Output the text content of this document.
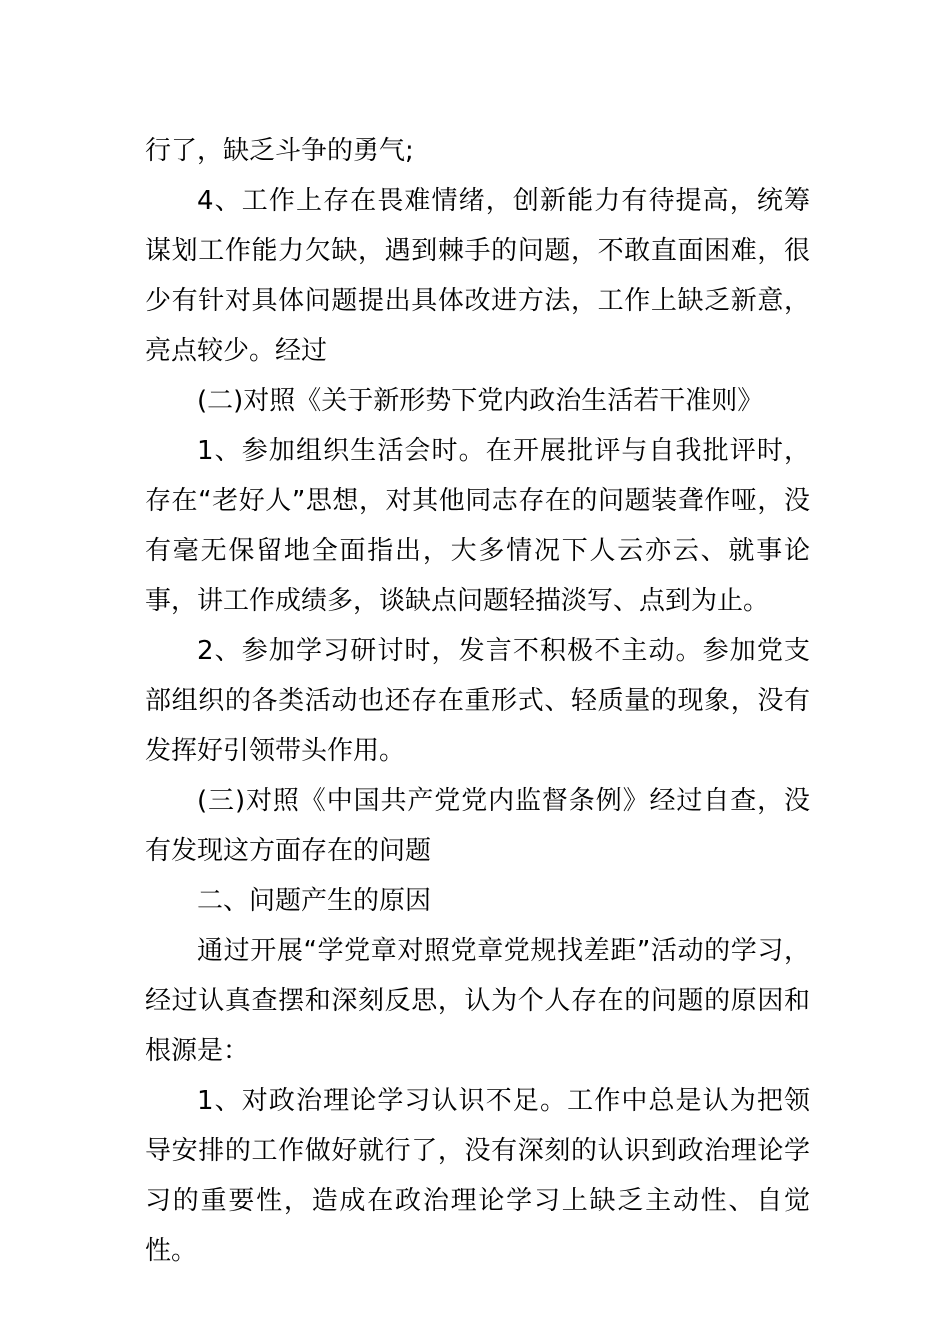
行了，缺乏斗争的勇气;

4、工作上存在畏难情绪，创新能力有待提高，统筹谋划工作能力欠缺，遇到棘手的问题，不敢直面困难，很少有针对具体问题提出具体改进方法，工作上缺乏新意，亮点较少。经过

(二)对照《关于新形势下党内政治生活若干准则》

1、参加组织生活会时。在开展批评与自我批评时，存在“老好人”思想，对其他同志存在的问题装聋作哑，没有毫无保留地全面指出，大多情况下人云亦云、就事论事，讲工作成绩多，谈缺点问题轻描淡写、点到为止。

2、参加学习研讨时，发言不积极不主动。参加党支部组织的各类活动也还存在重形式、轻质量的现象，没有发挥好引领带头作用。

(三)对照《中国共产党党内监督条例》经过自查，没有发现这方面存在的问题

二、问题产生的原因

通过开展“学党章对照党章党规找差距”活动的学习，经过认真查摆和深刻反思，认为个人存在的问题的原因和根源是：

1、对政治理论学习认识不足。工作中总是认为把领导安排的工作做好就行了，没有深刻的认识到政治理论学习的重要性，造成在政治理论学习上缺乏主动性、自觉性。
